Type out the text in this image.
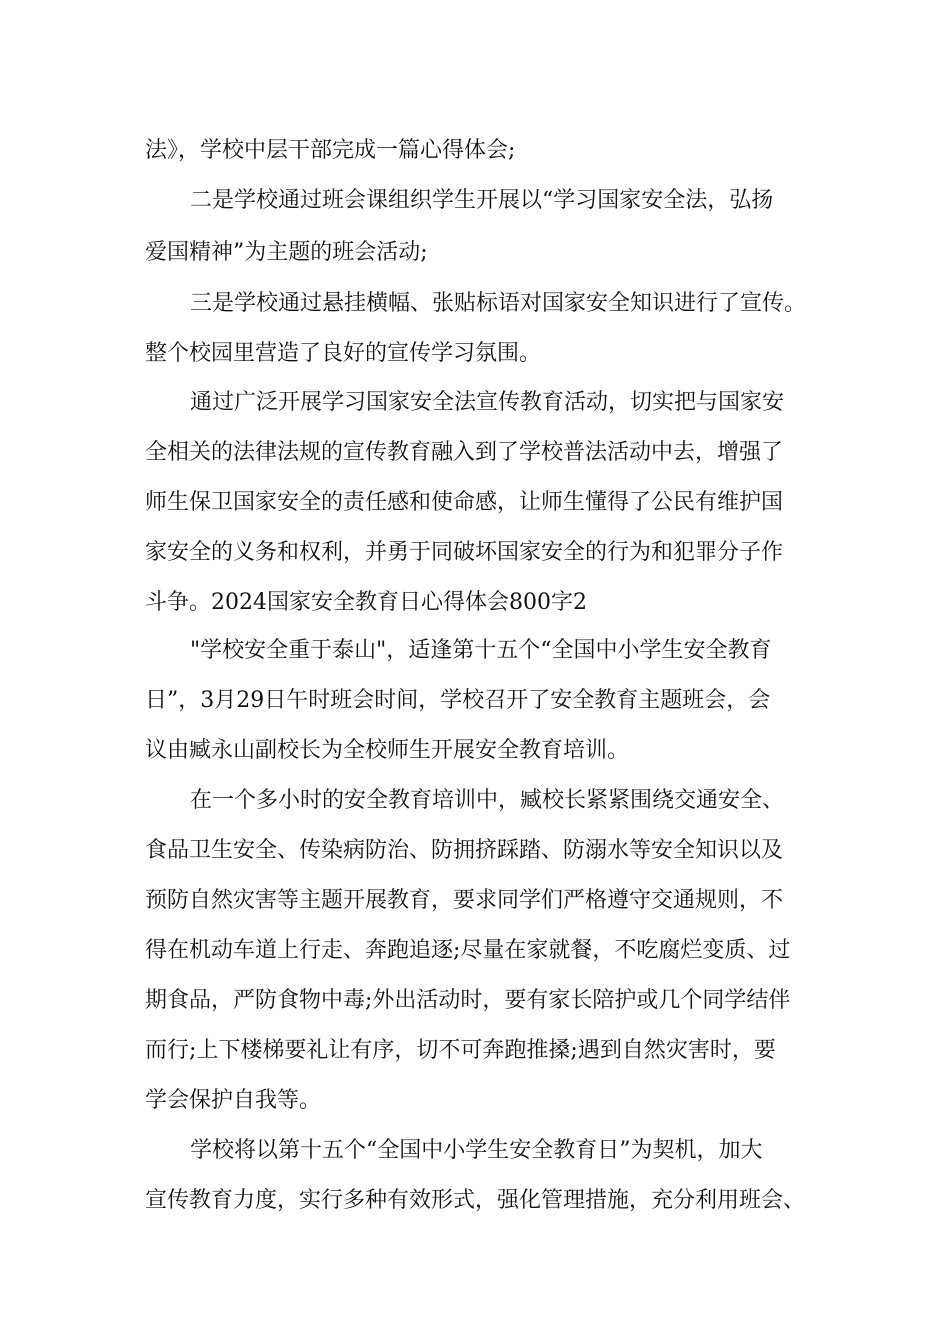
法》，学校中层干部完成一篇心得体会;

二是学校通过班会课组织学生开展以“学习国家安全法，弘扬

爱国精神”为主题的班会活动;

三是学校通过悬挂横幅、张贴标语对国家安全知识进行了宣传。

整个校园里营造了良好的宣传学习氛围。

通过广泛开展学习国家安全法宣传教育活动，切实把与国家安

全相关的法律法规的宣传教育融入到了学校普法活动中去，增强了

师生保卫国家安全的责任感和使命感，让师生懂得了公民有维护国

家安全的义务和权利，并勇于同破坏国家安全的行为和犯罪分子作

斗争。2024国家安全教育日心得体会800字2

"学校安全重于泰山"，适逢第十五个“全国中小学生安全教育

日”，3月29日午时班会时间，学校召开了安全教育主题班会，会

议由臧永山副校长为全校师生开展安全教育培训。

在一个多小时的安全教育培训中，臧校长紧紧围绕交通安全、

食品卫生安全、传染病防治、防拥挤踩踏、防溺水等安全知识以及

预防自然灾害等主题开展教育，要求同学们严格遵守交通规则，不

得在机动车道上行走、奔跑追逐;尽量在家就餐，不吃腐烂变质、过

期食品，严防食物中毒;外出活动时，要有家长陪护或几个同学结伴

而行;上下楼梯要礼让有序，切不可奔跑推搡;遇到自然灾害时，要

学会保护自我等。

学校将以第十五个“全国中小学生安全教育日”为契机，加大

宣传教育力度，实行多种有效形式，强化管理措施，充分利用班会、
